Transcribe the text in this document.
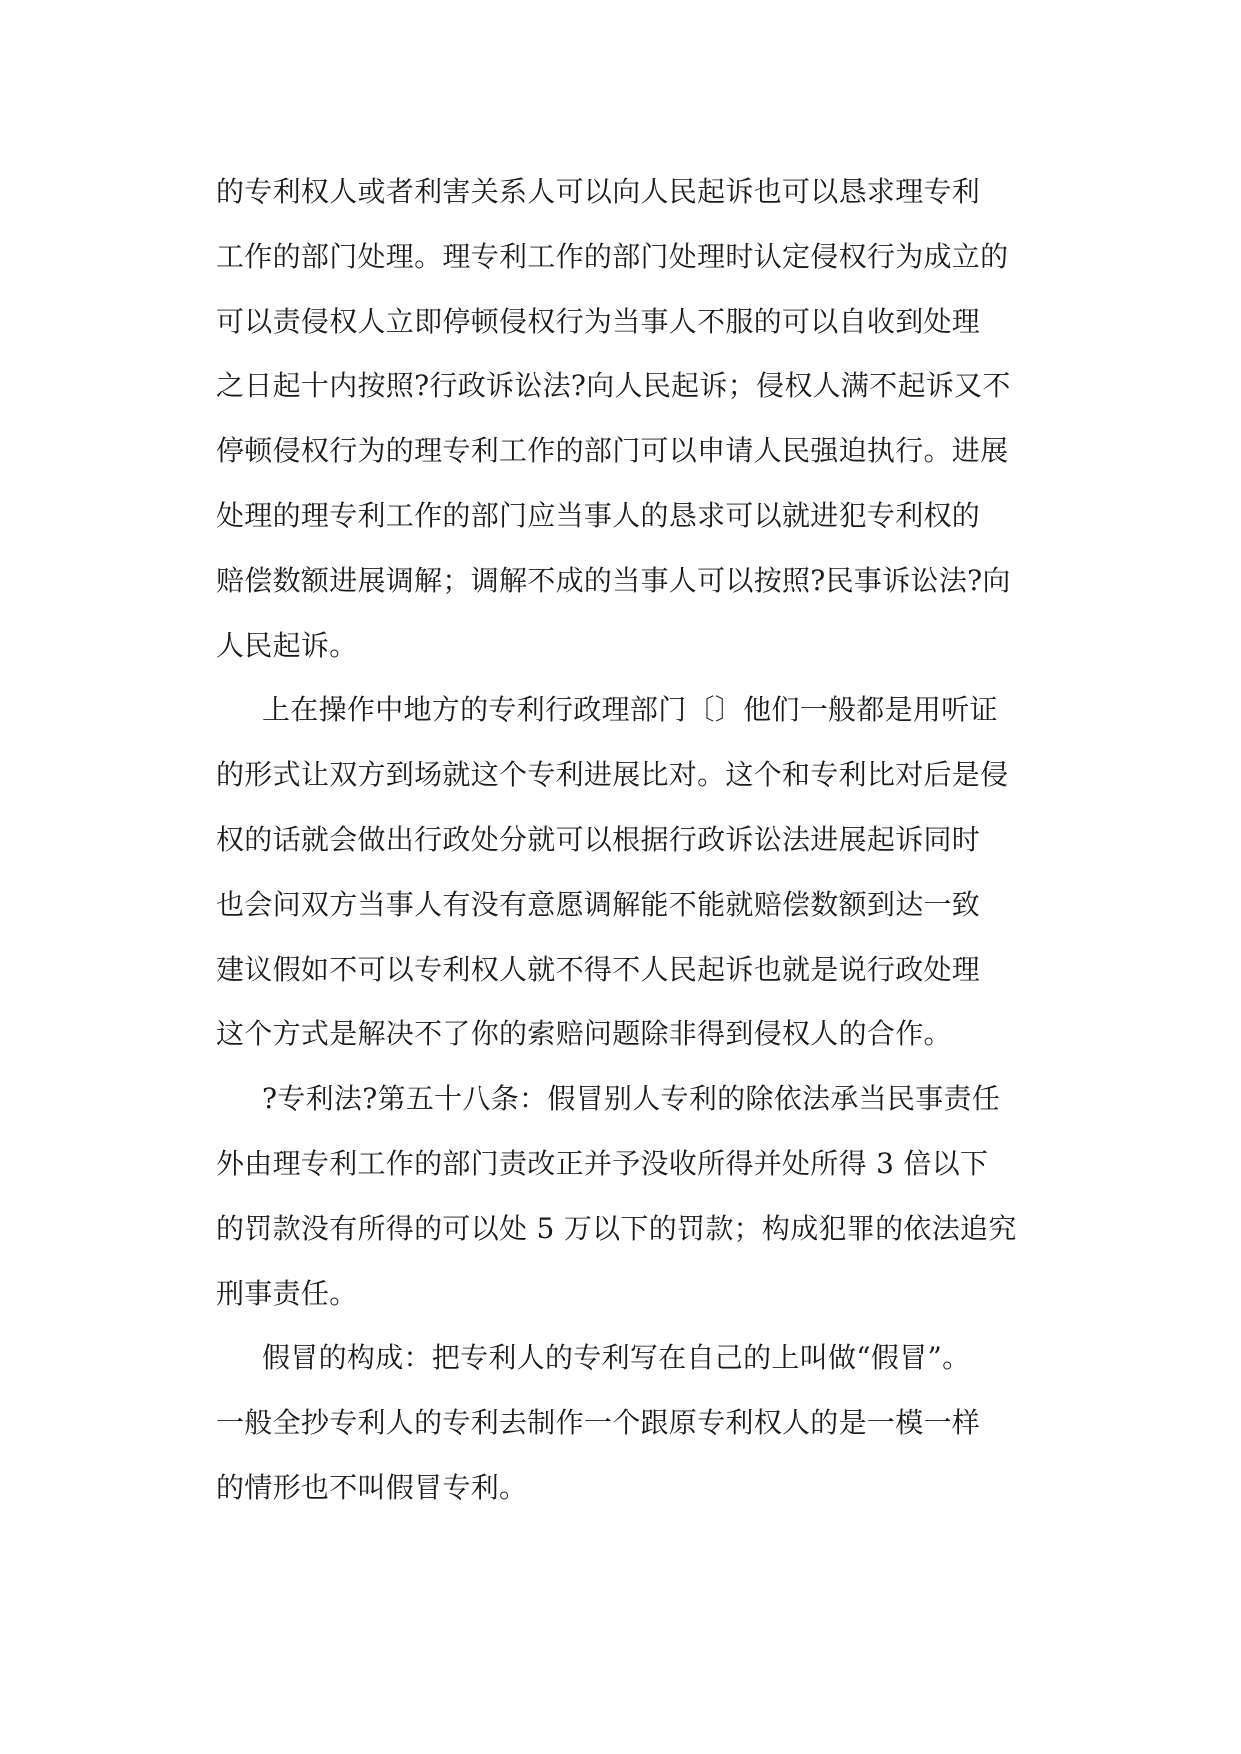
的专利权人或者利害关系人可以向人民起诉也可以恳求理专利
工作的部门处理。理专利工作的部门处理时认定侵权行为成立的
可以责侵权人立即停顿侵权行为当事人不服的可以自收到处理
之日起十内按照?行政诉讼法?向人民起诉；侵权人满不起诉又不
停顿侵权行为的理专利工作的部门可以申请人民强迫执行。进展
处理的理专利工作的部门应当事人的恳求可以就进犯专利权的
赔偿数额进展调解；调解不成的当事人可以按照?民事诉讼法?向
人民起诉。
上在操作中地方的专利行政理部门〔〕他们一般都是用听证
的形式让双方到场就这个专利进展比对。这个和专利比对后是侵
权的话就会做出行政处分就可以根据行政诉讼法进展起诉同时
也会问双方当事人有没有意愿调解能不能就赔偿数额到达一致
建议假如不可以专利权人就不得不人民起诉也就是说行政处理
这个方式是解决不了你的索赔问题除非得到侵权人的合作。
?专利法?第五十八条：假冒别人专利的除依法承当民事责任
外由理专利工作的部门责改正并予没收所得并处所得 3 倍以下
的罚款没有所得的可以处 5 万以下的罚款；构成犯罪的依法追究
刑事责任。
假冒的构成：把专利人的专利写在自己的上叫做“假冒”。
一般全抄专利人的专利去制作一个跟原专利权人的是一模一样
的情形也不叫假冒专利。
